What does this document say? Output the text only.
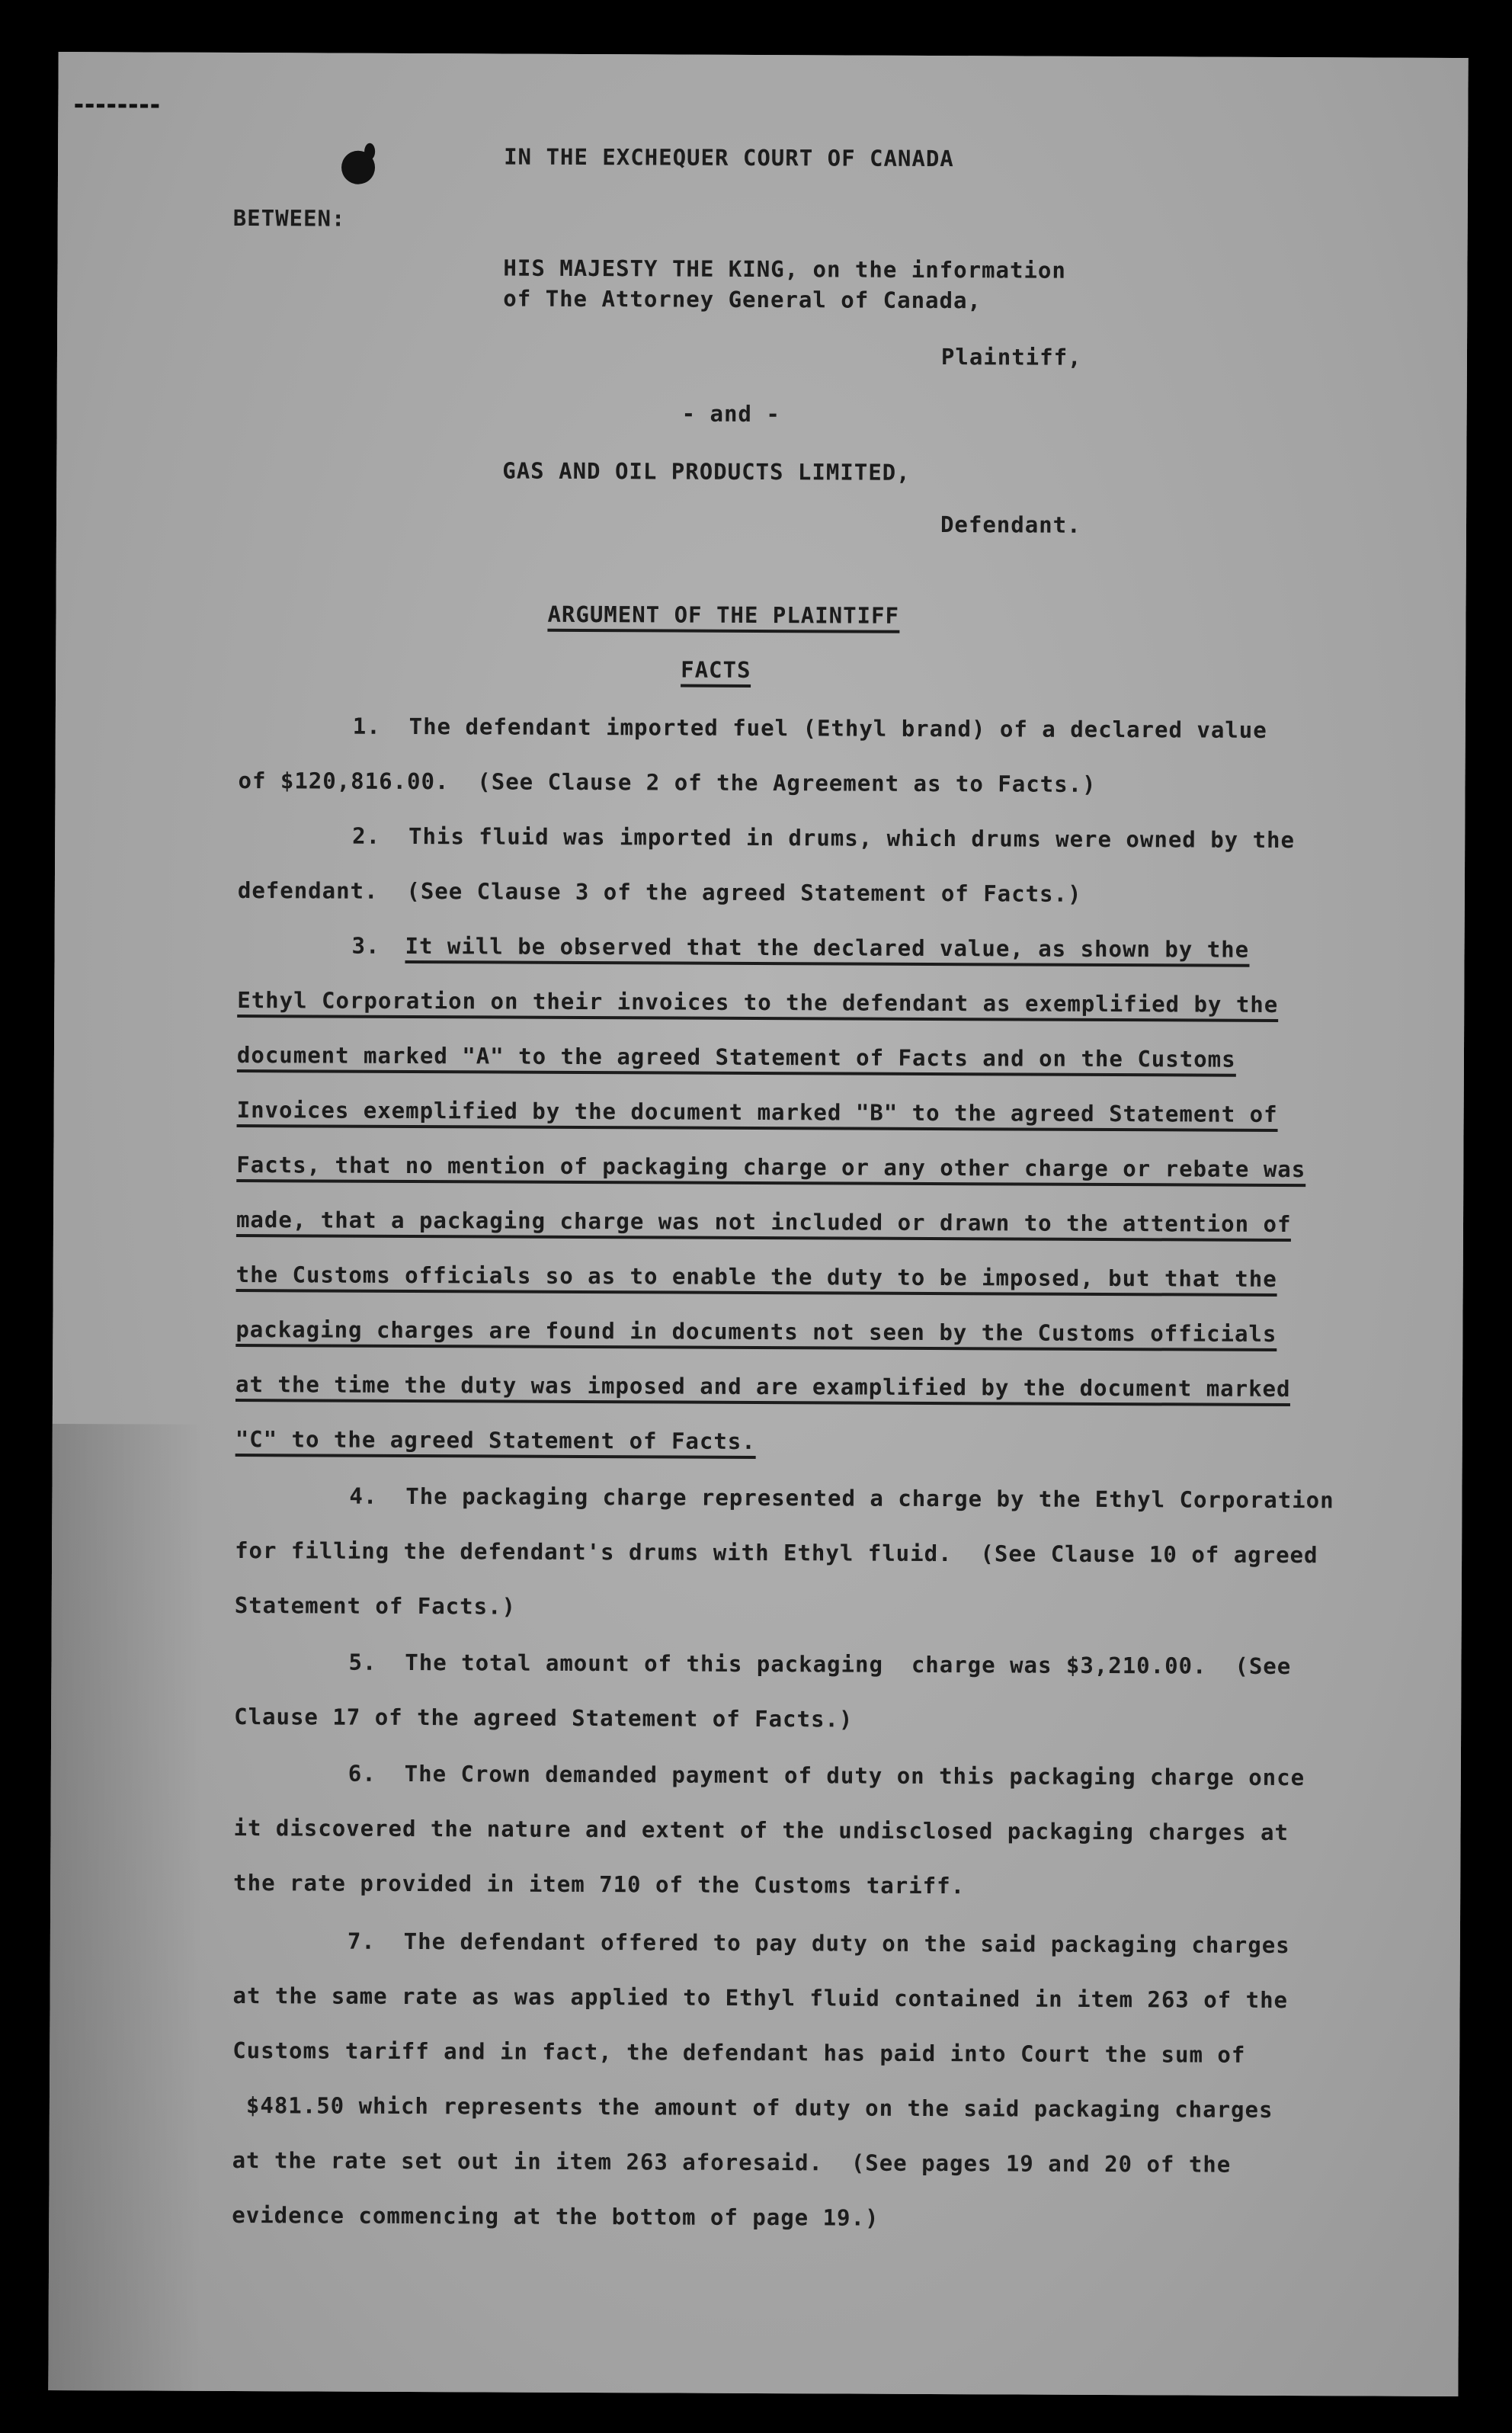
IN THE EXCHEQUER COURT OF CANADA
BETWEEN:
HIS MAJESTY THE KING, on the information
of The Attorney General of Canada,
Plaintiff,
- and -
GAS AND OIL PRODUCTS LIMITED,
Defendant.
ARGUMENT OF THE PLAINTIFF
FACTS
1.  The defendant imported fuel (Ethyl brand) of a declared value
of $120,816.00.  (See Clause 2 of the Agreement as to Facts.)
2.  This fluid was imported in drums, which drums were owned by the
defendant.  (See Clause 3 of the agreed Statement of Facts.)
3. It will be observed that the declared value, as shown by the
Ethyl Corporation on their invoices to the defendant as exemplified by the
document marked "A" to the agreed Statement of Facts and on the Customs
Invoices exemplified by the document marked "B" to the agreed Statement of
Facts, that no mention of packaging charge or any other charge or rebate was
made, that a packaging charge was not included or drawn to the attention of
the Customs officials so as to enable the duty to be imposed, but that the
packaging charges are found in documents not seen by the Customs officials
at the time the duty was imposed and are examplified by the document marked
"C" to the agreed Statement of Facts.
4.  The packaging charge represented a charge by the Ethyl Corporation
for filling the defendant's drums with Ethyl fluid.  (See Clause 10 of agreed
Statement of Facts.)
5.  The total amount of this packaging  charge was $3,210.00.  (See
Clause 17 of the agreed Statement of Facts.)
6.  The Crown demanded payment of duty on this packaging charge once
it discovered the nature and extent of the undisclosed packaging charges at
the rate provided in item 710 of the Customs tariff.
7.  The defendant offered to pay duty on the said packaging charges
at the same rate as was applied to Ethyl fluid contained in item 263 of the
Customs tariff and in fact, the defendant has paid into Court the sum of
$481.50 which represents the amount of duty on the said packaging charges
at the rate set out in item 263 aforesaid.  (See pages 19 and 20 of the
evidence commencing at the bottom of page 19.)
